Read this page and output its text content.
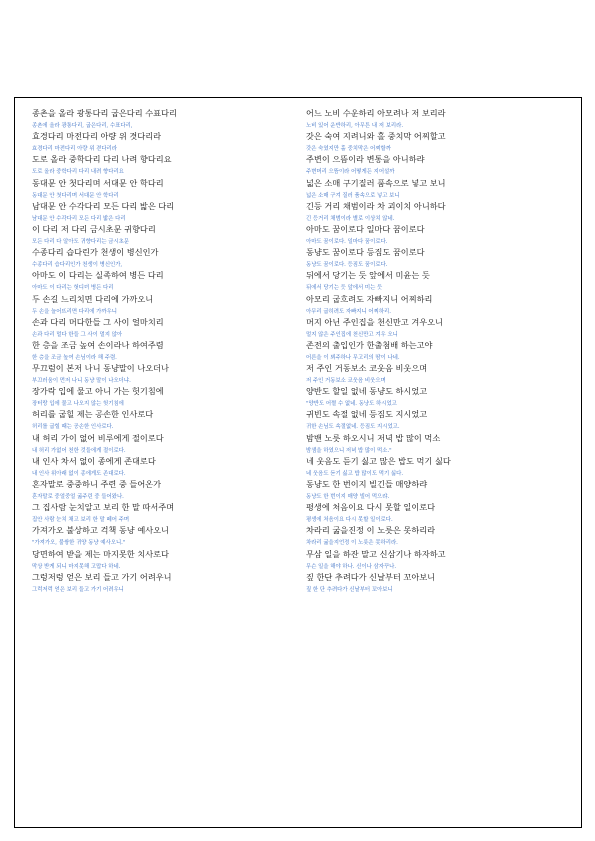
종촌을 올라 광통다리 굽은다리 수표다리
종촌에 올라 광통다리, 굽은다리, 수표다리,
효경다리 마전다리 아량 위 겻다리라
효경다리 마전다리 아량 위 겯다리라
도로 올라 중학다리 다리 나려 향다리요
도로 올라 중학다리 다리 내려 향다리요
동대문 안 첫다리며 서대문 안 학다리
동대문 안 첫다리며 서대문 안 학다리
남대문 안 수각다리 모든 다리 밟은 다리
남대문 안 수각다리 모든 다리 밟은 다리
이 다리 저 다리 금시초문 귀향다리
모든 다리 다 알아도 귀향다리는 금시초문
수종다리 습다린가 천생이 병신인가
수종다리 습다리인가 천생이 병신인가,
아마도 이 다리는 실족하여 병든 다리
아마도 이 다리는 헛디뎌 병든 다리
두 손길 느리치면 다리에 가까오니
두 손을 늘어뜨리면 다리에 가까우니
손과 다리 머다한들 그 사이 얼마치리
손과 다리 멀다 한들 그 사이 멀지 않아
한 층을 조금 높여 손이라나 하여주렴
한 층을 조금 높여 손님이라 해 주렴.
무끄럼이 본저 나니 동냥말이 나오더나
부끄러움이 먼저 나니 동냥 말이 나오더냐.
장가락 입에 물고 아니 가는 헛기침에
장터랑 입에 물고 나오지 않는 헛기침에
허리를 굽힐 제는 공손한 인사로다
허리를 굽힐 때는 공손한 인사로다.
내 허리 가이 없어 비루에게 절이로다
내 허리 가없어 천한 것들에게 절이로다.
내 인사 차서 없이 종에게 존대로다
내 인사 위아래 없이 종에게도 존대로다.
혼자말로 중중하니 주련 중 들어온가
혼자말로 중얼중얼 굶주린 중 들어왔나.
그 집사람 눈치알고 보리 한 말 따서주며
집안 사람 눈치 채고 보리 한 말 떼어 주며
가져가오 불상하고 걱책 동냥 예사오니
"가져가오, 불쌍한 귀양 동냥 예사오니."
당면하여 받을 제는 마지못한 치사로다
막상 받게 되니 마지못해 고맙다 하네.
그렁저렁 얻은 보리 들고 가기 어려우니
그럭저럭 얻은 보리 들고 가기 어려우니
어느 노비 수운하리 아모려나 저 보리라
노비 있어 운반하리, 아무튼 내 저 보리라.
갓은 숙여 지려니와 홀 중치막 어찌할고
갓은 숙였지만 홀 중치막은 어찌할까
주변이 으뜸이라 변통을 아니하랴
주변머리 으뜸이라 어떻게든 지어설까
넓은 소매 구기질러 품속으로 넣고 보니
넓은 소매 구겨 질러 품속으로 넣고 보니
긴등 거리 채범이라 차 괴이치 아니하다
긴 등거리 채범이라 별로 이상치 않네.
아마도 꿈이로다 일마다 꿈이로다
아마도 꿈이로다. 일마다 꿈이로다.
동냥도 꿈이로다 등짐도 꿈이로다
동냥도 꿈이로다. 등짐도 꿈이로다.
뒤에서 당기는 듯 앞에서 미윤는 듯
뒤에서 당기는 듯 앞에서 미는 듯
아모리 굽흐려도 자빠지니 어찌하리
아무리 굽히려도 자빠지니 어찌하리.
머지 아닌 주인집을 천신만고 겨우오니
멀지 않은 주인집에 천신만고 겨우 오니
존전의 출입인가 한출첨배 하는고야
어른을 이 뵈주하나 무고리의 땀이 나네.
저 주인 거동보소 코웃음 비웃으며
저 주인 거동보소 코웃음 비웃으며
양반도 할일 없네 동냥도 하시었고
"양반도 어쩔 수 없네. 동냥도 하시었고
귀빈도 속절 없네 등짐도 지시었고
귀한 손님도 속절없네. 등짐도 지시었고.
밤밴 노릇 하오시니 저녁 밥 많이 먹소
밤샘을 하였으니 저녁 밥 많이 먹소."
네 웃음도 듣기 싫고 많은 밥도 먹기 싫다
네 웃음도 듣기 싫고 밥 많이도 먹기 싫다.
동냥도 한 번이지 빌긴들 매양하랴
동냥도 한 번이지 매양 빌어 먹으랴.
평생에 처음이요 다시 못할 일이로다
평생에 처음이요 다시 못할 일이로다.
차라리 굶을진정 이 노릇은 못하리라
차라리 굶을지언정 이 노릇은 못하리라.
무삼 일을 하잔 말고 신삼기나 하자하고
무슨 일을 해야 하나. 신이나 삼자꾸나.
짚 한단 추려다가 신날부터 꼬아보니
짚 한 단 추려다가 신날부터 꼬아보니
